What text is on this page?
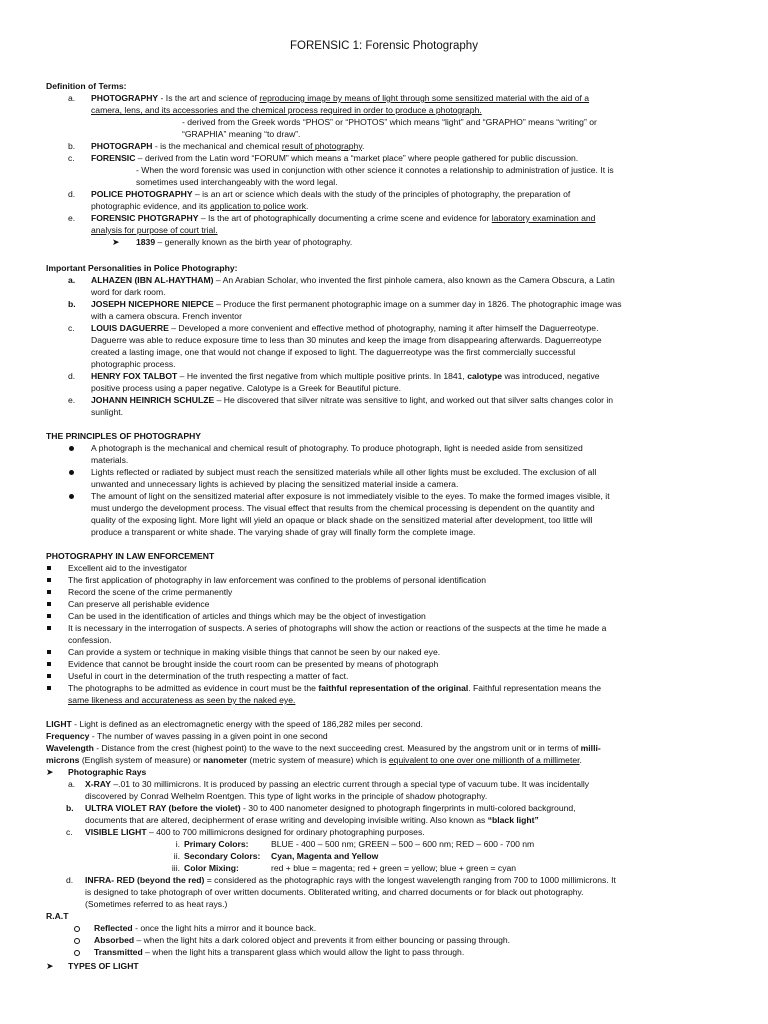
FORENSIC 1: Forensic Photography
Definition of Terms:
a. PHOTOGRAPHY - Is the art and science of reproducing image by means of light through some sensitized material with the aid of a
camera, lens, and its accessories and the chemical process required in order to produce a photograph.
- derived from the Greek words “PHOS” or “PHOTOS” which means “light” and “GRAPHO” means “writing” or
“GRAPHIA” meaning “to draw”.
b. PHOTOGRAPH - is the mechanical and chemical result of photography.
c. FORENSIC – derived from the Latin word “FORUM” which means a “market place” where people gathered for public discussion.
- When the word forensic was used in conjunction with other science it connotes a relationship to administration of justice. It is
sometimes used interchangeably with the word legal.
d. POLICE PHOTOGRAPHY – is an art or science which deals with the study of the principles of photography, the preparation of
photographic evidence, and its application to police work.
e. FORENSIC PHOTGRAPHY – Is the art of photographically documenting a crime scene and evidence for laboratory examination and
analysis for purpose of court trial.
➤ 1839 – generally known as the birth year of photography.
Important Personalities in Police Photography:
a. ALHAZEN (IBN AL-HAYTHAM) – An Arabian Scholar, who invented the first pinhole camera, also known as the Camera Obscura, a Latin
word for dark room.
b. JOSEPH NICEPHORE NIEPCE – Produce the first permanent photographic image on a summer day in 1826. The photographic image was
with a camera obscura. French inventor
c. LOUIS DAGUERRE – Developed a more convenient and effective method of photography, naming it after himself the Daguerreotype.
Daguerre was able to reduce exposure time to less than 30 minutes and keep the image from disappearing afterwards. Daguerreotype
created a lasting image, one that would not change if exposed to light. The daguerreotype was the first commercially successful
photographic process.
d. HENRY FOX TALBOT – He invented the first negative from which multiple positive prints. In 1841, calotype was introduced, negative
positive process using a paper negative. Calotype is a Greek for Beautiful picture.
e. JOHANN HEINRICH SCHULZE – He discovered that silver nitrate was sensitive to light, and worked out that silver salts changes color in
sunlight.
THE PRINCIPLES OF PHOTOGRAPHY
A photograph is the mechanical and chemical result of photography. To produce photograph, light is needed aside from sensitized
materials.
Lights reflected or radiated by subject must reach the sensitized materials while all other lights must be excluded. The exclusion of all
unwanted and unnecessary lights is achieved by placing the sensitized material inside a camera.
The amount of light on the sensitized material after exposure is not immediately visible to the eyes. To make the formed images visible, it
must undergo the development process. The visual effect that results from the chemical processing is dependent on the quantity and
quality of the exposing light. More light will yield an opaque or black shade on the sensitized material after development, too little will
produce a transparent or white shade. The varying shade of gray will finally form the complete image.
PHOTOGRAPHY IN LAW ENFORCEMENT
Excellent aid to the investigator
The first application of photography in law enforcement was confined to the problems of personal identification
Record the scene of the crime permanently
Can preserve all perishable evidence
Can be used in the identification of articles and things which may be the object of investigation
It is necessary in the interrogation of suspects. A series of photographs will show the action or reactions of the suspects at the time he made a
confession.
Can provide a system or technique in making visible things that cannot be seen by our naked eye.
Evidence that cannot be brought inside the court room can be presented by means of photograph
Useful in court in the determination of the truth respecting a matter of fact.
The photographs to be admitted as evidence in court must be the faithful representation of the original. Faithful representation means the
same likeness and accurateness as seen by the naked eye.
LIGHT - Light is defined as an electromagnetic energy with the speed of 186,282 miles per second.
Frequency - The number of waves passing in a given point in one second
Wavelength - Distance from the crest (highest point) to the wave to the next succeeding crest. Measured by the angstrom unit or in terms of milli-
microns (English system of measure) or nanometer (metric system of measure) which is equivalent to one over one millionth of a millimeter.
➤ Photographic Rays
a. X-RAY –.01 to 30 millimicrons. It is produced by passing an electric current through a special type of vacuum tube. It was incidentally
discovered by Conrad Welhelm Roentgen. This type of light works in the principle of shadow photography.
b. ULTRA VIOLET RAY (before the violet) - 30 to 400 nanometer designed to photograph fingerprints in multi-colored background,
documents that are altered, decipherment of erase writing and developing invisible writing. Also known as “black light”
c. VISIBLE LIGHT – 400 to 700 millimicrons designed for ordinary photographing purposes.
i. Primary Colors:	BLUE - 400 – 500 nm; GREEN – 500 – 600 nm; RED – 600 - 700 nm
ii. Secondary Colors: Cyan, Magenta and Yellow
iii. Color Mixing:	red + blue = magenta; red + green = yellow; blue + green = cyan
d. INFRA- RED (beyond the red) = considered as the photographic rays with the longest wavelength ranging from 700 to 1000 millimicrons. It
is designed to take photograph of over written documents. Obliterated writing, and charred documents or for black out photography.
(Sometimes referred to as heat rays.)
R.A.T
Reflected - once the light hits a mirror and it bounce back.
Absorbed – when the light hits a dark colored object and prevents it from either bouncing or passing through.
Transmitted – when the light hits a transparent glass which would allow the light to pass through.
➤ TYPES OF LIGHT
